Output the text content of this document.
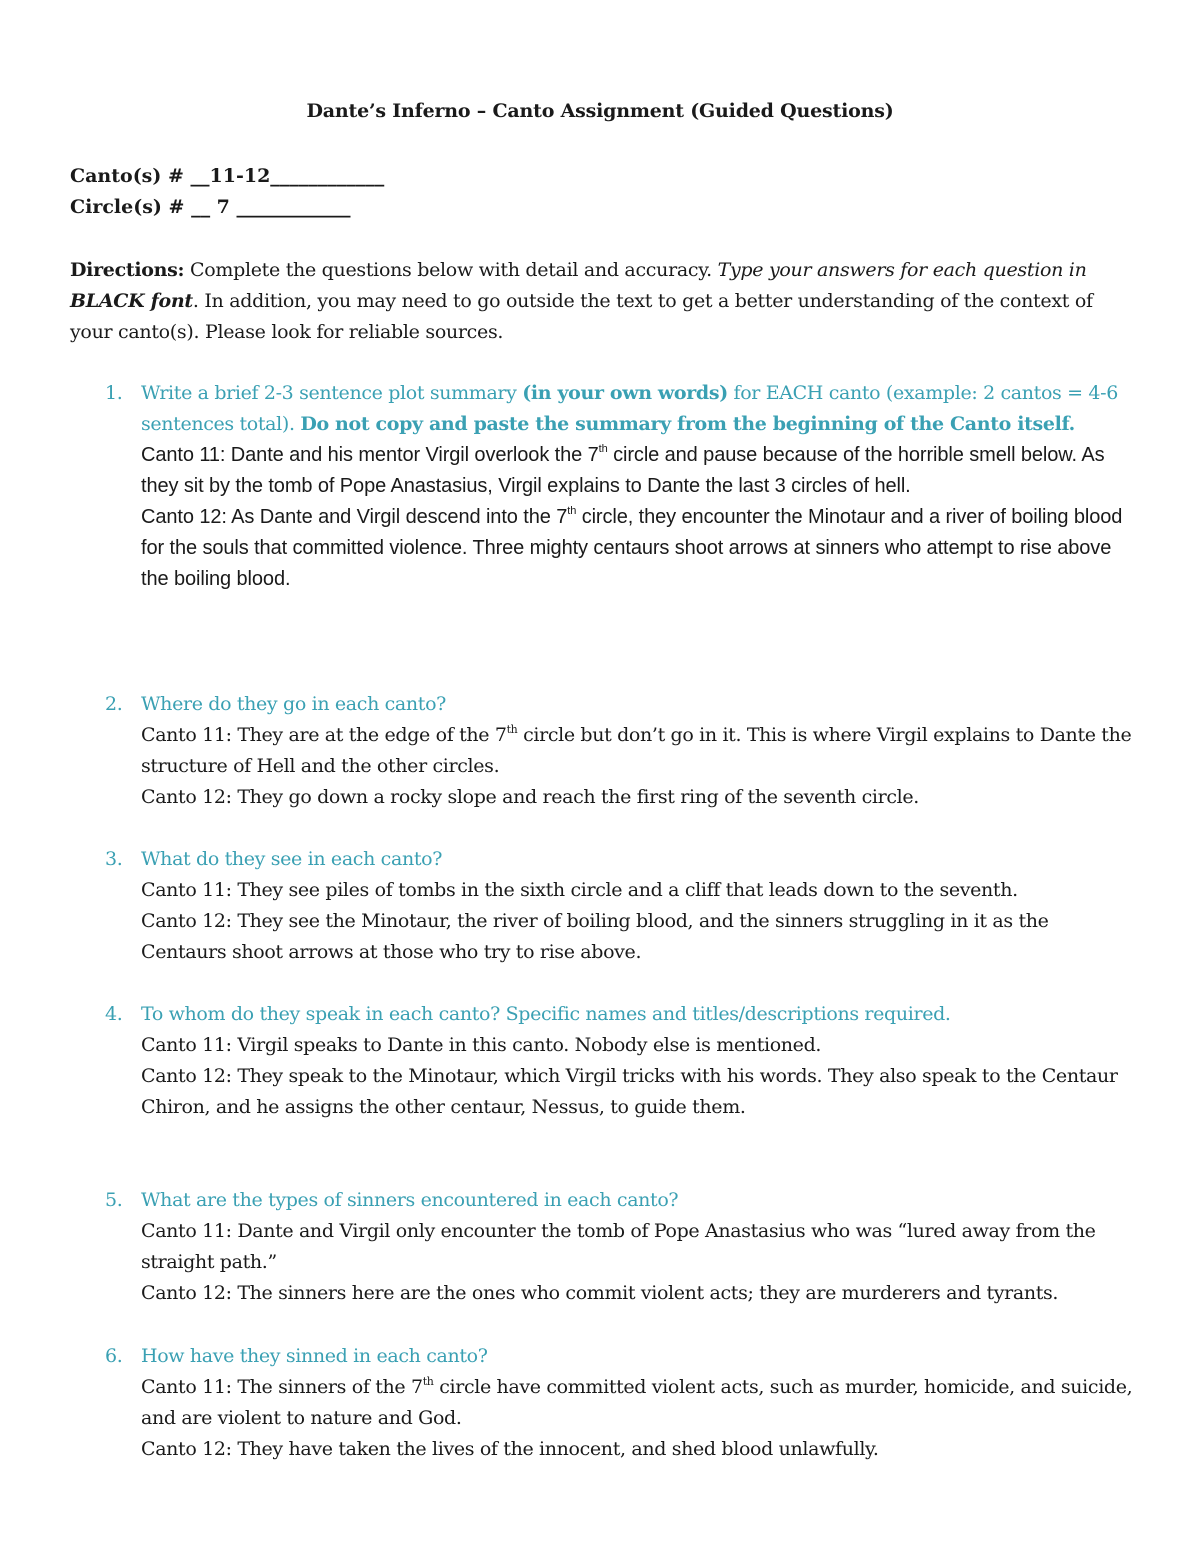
Dante’s Inferno – Canto Assignment (Guided Questions)
Canto(s) # __11-12____________
Circle(s) # __ 7 ____________
Directions: Complete the questions below with detail and accuracy. Type your answers for each question in BLACK font. In addition, you may need to go outside the text to get a better understanding of the context of your canto(s). Please look for reliable sources.
1. Write a brief 2-3 sentence plot summary (in your own words) for EACH canto (example: 2 cantos = 4-6 sentences total). Do not copy and paste the summary from the beginning of the Canto itself.
Canto 11: Dante and his mentor Virgil overlook the 7th circle and pause because of the horrible smell below. As they sit by the tomb of Pope Anastasius, Virgil explains to Dante the last 3 circles of hell.
Canto 12: As Dante and Virgil descend into the 7th circle, they encounter the Minotaur and a river of boiling blood for the souls that committed violence. Three mighty centaurs shoot arrows at sinners who attempt to rise above the boiling blood.
2. Where do they go in each canto?
Canto 11: They are at the edge of the 7th circle but don’t go in it. This is where Virgil explains to Dante the structure of Hell and the other circles.
Canto 12: They go down a rocky slope and reach the first ring of the seventh circle.
3. What do they see in each canto?
Canto 11: They see piles of tombs in the sixth circle and a cliff that leads down to the seventh.
Canto 12: They see the Minotaur, the river of boiling blood, and the sinners struggling in it as the Centaurs shoot arrows at those who try to rise above.
4. To whom do they speak in each canto? Specific names and titles/descriptions required.
Canto 11: Virgil speaks to Dante in this canto. Nobody else is mentioned.
Canto 12: They speak to the Minotaur, which Virgil tricks with his words. They also speak to the Centaur Chiron, and he assigns the other centaur, Nessus, to guide them.
5. What are the types of sinners encountered in each canto?
Canto 11: Dante and Virgil only encounter the tomb of Pope Anastasius who was “lured away from the straight path.”
Canto 12: The sinners here are the ones who commit violent acts; they are murderers and tyrants.
6. How have they sinned in each canto?
Canto 11: The sinners of the 7th circle have committed violent acts, such as murder, homicide, and suicide, and are violent to nature and God.
Canto 12: They have taken the lives of the innocent, and shed blood unlawfully.
